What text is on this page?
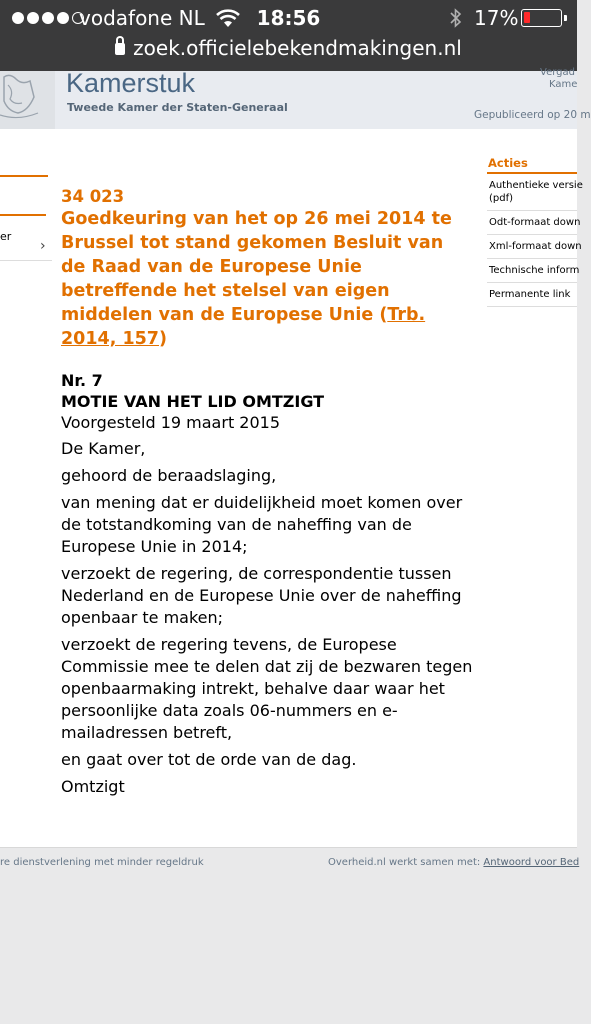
vodafone NL	18:56	17%
zoek.officielebekendmakingen.nl
Kamerstuk
Tweede Kamer der Staten-Generaal
Vergad
Kame
Gepubliceerd op 20 m
er
›
34 023
Goedkeuring van het op 26 mei 2014 te Brussel tot stand gekomen Besluit van de Raad van de Europese Unie betreffende het stelsel van eigen middelen van de Europese Unie (Trb. 2014, 157)
Nr. 7
MOTIE VAN HET LID OMTZIGT
Voorgesteld 19 maart 2015
De Kamer,
gehoord de beraadslaging,
van mening dat er duidelijkheid moet komen over de totstandkoming van de naheffing van de Europese Unie in 2014;
verzoekt de regering, de correspondentie tussen Nederland en de Europese Unie over de naheffing openbaar te maken;
verzoekt de regering tevens, de Europese Commissie mee te delen dat zij de bezwaren tegen openbaarmaking intrekt, behalve daar waar het persoonlijke data zoals 06-nummers en e-mailadressen betreft,
en gaat over tot de orde van de dag.
Omtzigt
Acties
Authentieke versie
(pdf)
Odt-formaat down
Xml-formaat down
Technische inform
Permanente link
re dienstverlening met minder regeldruk	Overheid.nl werkt samen met: Antwoord voor Bed
